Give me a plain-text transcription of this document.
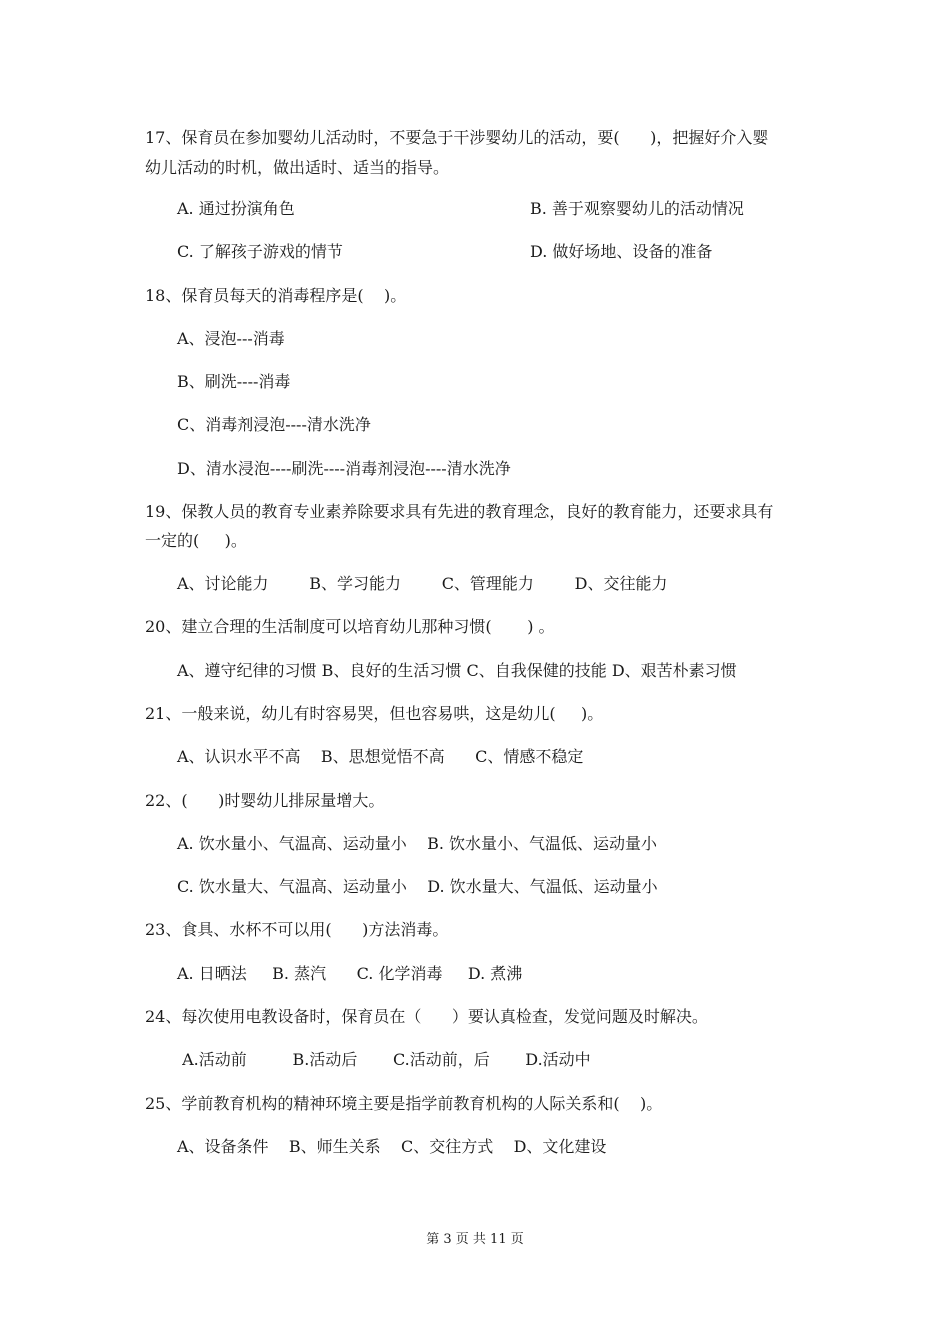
17、保育员在参加婴幼儿活动时，不要急于干涉婴幼儿的活动，要(      )，把握好介入婴
幼儿活动的时机，做出适时、适当的指导。
A. 通过扮演角色	B. 善于观察婴幼儿的活动情况
C. 了解孩子游戏的情节	D. 做好场地、设备的准备
18、保育员每天的消毒程序是(    )。
A、浸泡---消毒
B、刷洗----消毒
C、消毒剂浸泡----清水洗净
D、清水浸泡----刷洗----消毒剂浸泡----清水洗净
19、保教人员的教育专业素养除要求具有先进的教育理念，良好的教育能力，还要求具有
一定的(     )。
A、讨论能力        B、学习能力        C、管理能力        D、交往能力
20、建立合理的生活制度可以培育幼儿那种习惯(       ) 。
A、遵守纪律的习惯 B、良好的生活习惯 C、自我保健的技能 D、艰苦朴素习惯
21、一般来说，幼儿有时容易哭，但也容易哄，这是幼儿(     )。
A、认识水平不高    B、思想觉悟不高      C、情感不稳定
22、(      )时婴幼儿排尿量增大。
A. 饮水量小、气温高、运动量小    B. 饮水量小、气温低、运动量小
C. 饮水量大、气温高、运动量小    D. 饮水量大、气温低、运动量小
23、食具、水杯不可以用(      )方法消毒。
A. 日晒法     B. 蒸汽      C. 化学消毒     D. 煮沸
24、每次使用电教设备时，保育员在（      ）要认真检查，发觉问题及时解决。
A.活动前         B.活动后       C.活动前，后       D.活动中
25、学前教育机构的精神环境主要是指学前教育机构的人际关系和(    )。
A、设备条件    B、师生关系    C、交往方式    D、文化建设
第 3 页 共 11 页
